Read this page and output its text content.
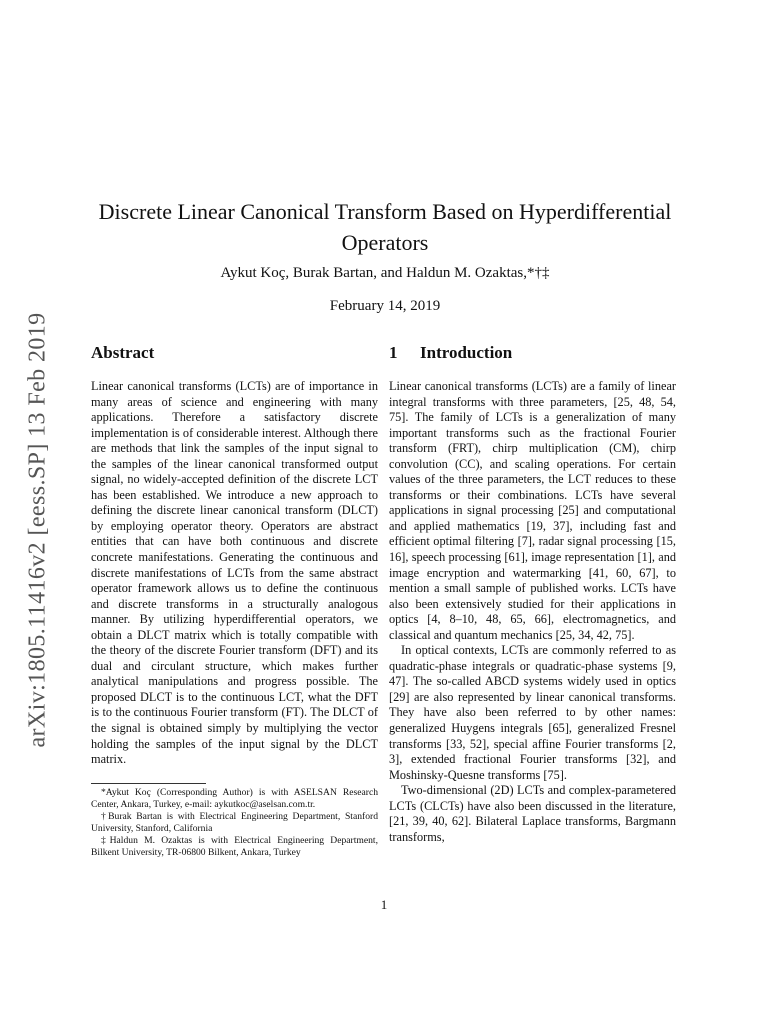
arXiv:1805.11416v2 [eess.SP] 13 Feb 2019
Discrete Linear Canonical Transform Based on Hyperdifferential
Operators
Aykut Koç, Burak Bartan, and Haldun M. Ozaktas,*†‡
February 14, 2019
Abstract

Linear canonical transforms (LCTs) are of importance in many areas of science and engineering with many applications. Therefore a satisfactory discrete implementation is of considerable interest. Although there are methods that link the samples of the input signal to the samples of the linear canonical transformed output signal, no widely-accepted definition of the discrete LCT has been established. We introduce a new approach to defining the discrete linear canonical transform (DLCT) by employing operator theory. Operators are abstract entities that can have both continuous and discrete concrete manifestations. Generating the continuous and discrete manifestations of LCTs from the same abstract operator framework allows us to define the continuous and discrete transforms in a structurally analogous manner. By utilizing hyperdifferential operators, we obtain a DLCT matrix which is totally compatible with the theory of the discrete Fourier transform (DFT) and its dual and circulant structure, which makes further analytical manipulations and progress possible. The proposed DLCT is to the continuous LCT, what the DFT is to the continuous Fourier transform (FT). The DLCT of the signal is obtained simply by multiplying the vector holding the samples of the input signal by the DLCT matrix.

*Aykut Koç (Corresponding Author) is with ASELSAN Research Center, Ankara, Turkey, e-mail: aykutkoc@aselsan.com.tr.

†Burak Bartan is with Electrical Engineering Department, Stanford University, Stanford, California

‡Haldun M. Ozaktas is with Electrical Engineering Department, Bilkent University, TR-06800 Bilkent, Ankara, Turkey

1 Introduction

Linear canonical transforms (LCTs) are a family of linear integral transforms with three parameters, [25, 48, 54, 75]. The family of LCTs is a generalization of many important transforms such as the fractional Fourier transform (FRT), chirp multiplication (CM), chirp convolution (CC), and scaling operations. For certain values of the three parameters, the LCT reduces to these transforms or their combinations. LCTs have several applications in signal processing [25] and computational and applied mathematics [19, 37], including fast and efficient optimal filtering [7], radar signal processing [15, 16], speech processing [61], image representation [1], and image encryption and watermarking [41, 60, 67], to mention a small sample of published works. LCTs have also been extensively studied for their applications in optics [4, 8–10, 48, 65, 66], electromagnetics, and classical and quantum mechanics [25, 34, 42, 75].

In optical contexts, LCTs are commonly referred to as quadratic-phase integrals or quadratic-phase systems [9, 47]. The so-called ABCD systems widely used in optics [29] are also represented by linear canonical transforms. They have also been referred to by other names: generalized Huygens integrals [65], generalized Fresnel transforms [33, 52], special affine Fourier transforms [2, 3], extended fractional Fourier transforms [32], and Moshinsky-Quesne transforms [75].

Two-dimensional (2D) LCTs and complex-parametered LCTs (CLCTs) have also been discussed in the literature, [21, 39, 40, 62]. Bilateral Laplace transforms, Bargmann transforms,

1
